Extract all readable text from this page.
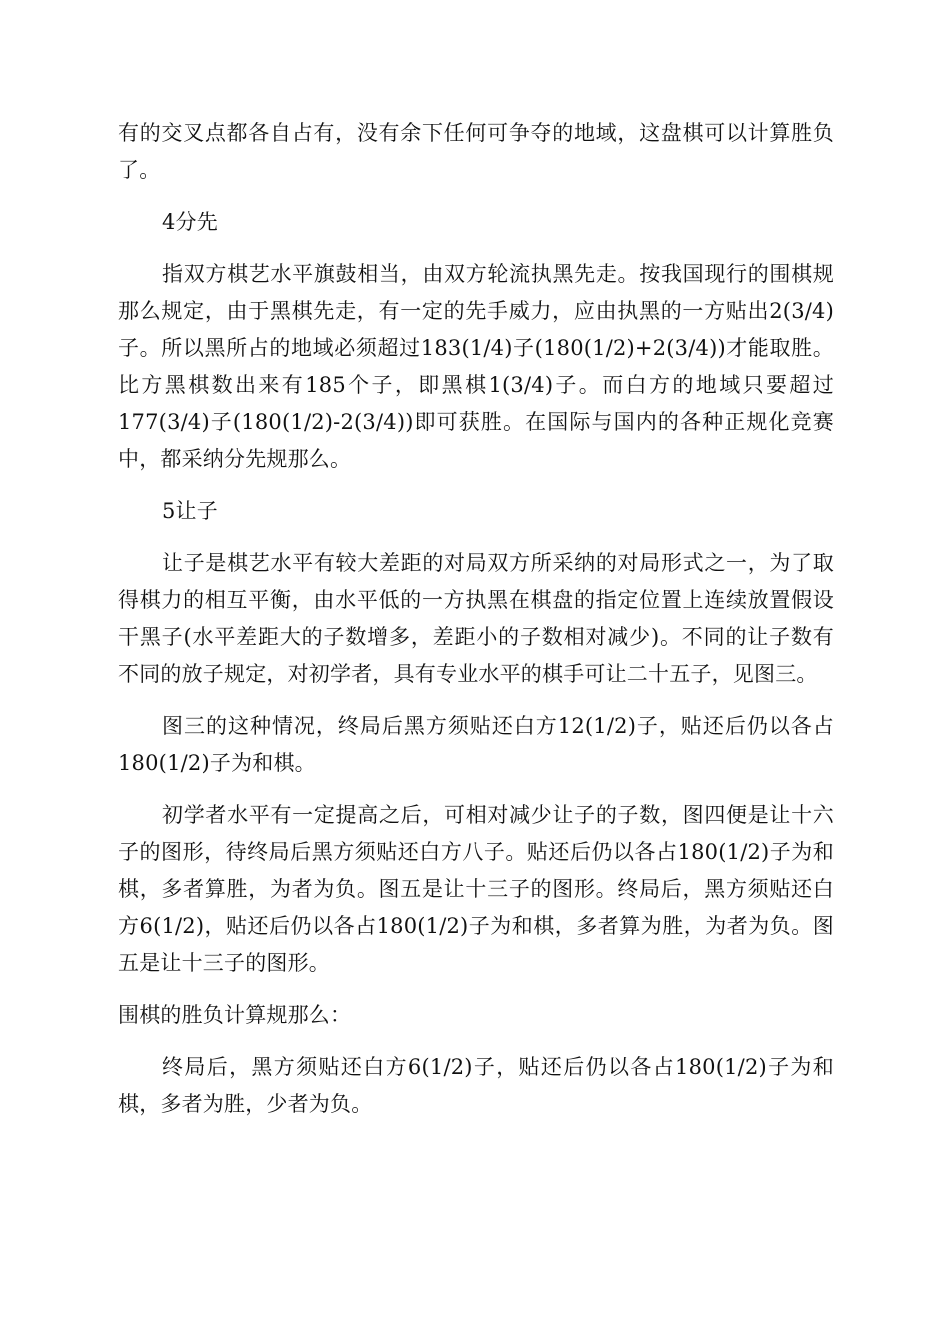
有的交叉点都各自占有，没有余下任何可争夺的地域，这盘棋可以计算胜负了。

4分先

指双方棋艺水平旗鼓相当，由双方轮流执黑先走。按我国现行的围棋规那么规定，由于黑棋先走，有一定的先手威力，应由执黑的一方贴出2(3/4)子。所以黑所占的地域必须超过183(1/4)子(180(1/2)+2(3/4))才能取胜。比方黑棋数出来有185个子，即黑棋1(3/4)子。而白方的地域只要超过177(3/4)子(180(1/2)-2(3/4))即可获胜。在国际与国内的各种正规化竞赛中，都采纳分先规那么。

5让子

让子是棋艺水平有较大差距的对局双方所采纳的对局形式之一，为了取得棋力的相互平衡，由水平低的一方执黑在棋盘的指定位置上连续放置假设干黑子(水平差距大的子数增多，差距小的子数相对减少)。不同的让子数有不同的放子规定，对初学者，具有专业水平的棋手可让二十五子，见图三。

图三的这种情况，终局后黑方须贴还白方12(1/2)子，贴还后仍以各占180(1/2)子为和棋。

初学者水平有一定提高之后，可相对减少让子的子数，图四便是让十六子的图形，待终局后黑方须贴还白方八子。贴还后仍以各占180(1/2)子为和棋，多者算胜，为者为负。图五是让十三子的图形。终局后，黑方须贴还白方6(1/2)，贴还后仍以各占180(1/2)子为和棋，多者算为胜，为者为负。图五是让十三子的图形。

围棋的胜负计算规那么：

终局后，黑方须贴还白方6(1/2)子，贴还后仍以各占180(1/2)子为和棋，多者为胜，少者为负。
